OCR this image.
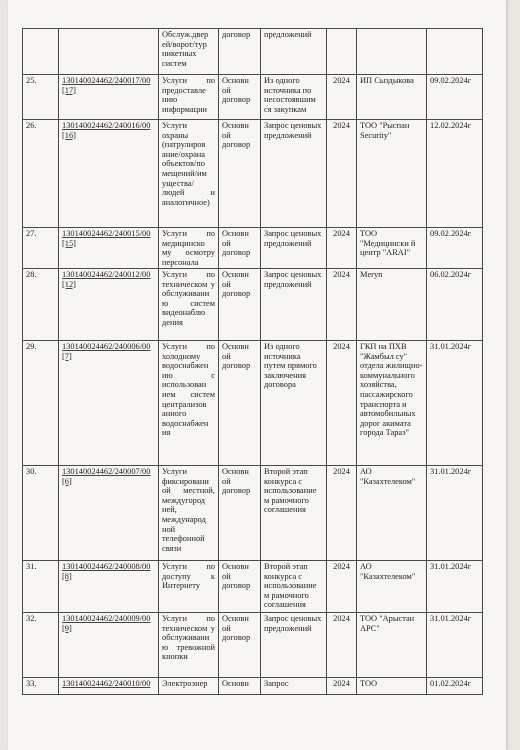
		Обслуж.двер ей/ворот/тур никетных систем	договор	предложений			
25.	130140024462/240017/00 [17]	Услуги по предоставле нию информации	Основн ой договор	Из одного источника по несостоявшим ся закупкам	2024	ИП Сыздыкова	09.02.2024г
26.	130140024462/240016/00 [16]	Услуги охраны (патрулиров ание/охрана объектов/по мещений/им ущества/людей и аналогичное)	Основн ой договор	Запрос ценовых предложений	2024	ТОО "Рыспан Security"	12.02.2024г
27.	130140024462/240015/00 [15]	Услуги по медицинско му осмотру персонала	Основн ой договор	Запрос ценовых предложений	2024	ТОО "Медицински й центр "ARAI"	09.02.2024г
28.	130140024462/240012/00 [12]	Услуги по техническом у обслуживани ю систем видеонаблю дения	Основн ой договор	Запрос ценовых предложений	2024	Meryn	06.02.2024г
29.	130140024462/240006/00 [7]	Услуги по холодному водоснабжен ию с использован ием систем централизов анного водоснабжен ия	Основн ой договор	Из одного источника путем прямого заключения договора	2024	ГКП на ПХВ "Жамбыл су" отдела жилищно-коммунального хозяйства, пассажирского транспорта и автомобильных дорог акимата города Тараз"	31.01.2024г
30.	130140024462/240007/00 [6]	Услуги фиксировани ой местной, междугород ней, международ ной телефонной связи	Основн ой договор	Второй этап конкурса с использование м рамочного соглашения	2024	АО "Казахтелеком"	31.01.2024г
31.	130140024462/240008/00 [8]	Услуги по доступу к Интернету	Основн ой договор	Второй этап конкурса с использование м рамочного соглашения	2024	АО "Казахтелеком"	31.01.2024г
32.	130140024462/240009/00 [9]	Услуги по техническом у обслуживани ю тревожной кнопки	Основн ой договор	Запрос ценовых предложений	2024	ТОО "Арыстан АРС"	31.01.2024г
33.	130140024462/240010/00	Электроэнер	Основн	Запрос	2024	ТОО	01.02.2024г
